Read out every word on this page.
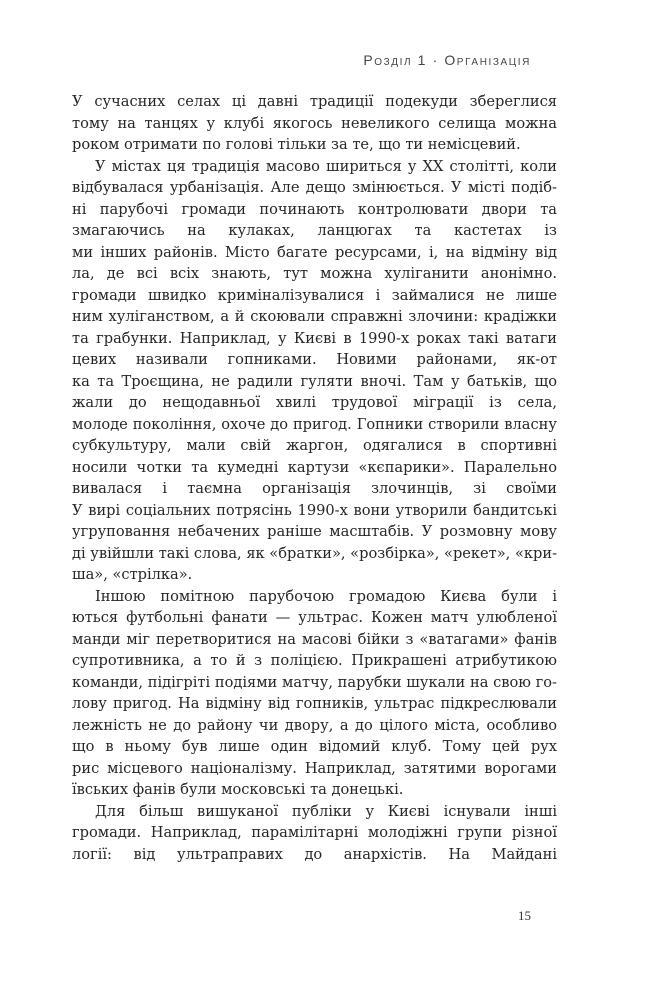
Розділ 1 · Організація
У сучасних селах ці давні традиції подекуди збереглися
тому на танцях у клубі якогось невеликого селища можна
роком отримати по голові тільки за те, що ти немісцевий.
У містах ця традиція масово шириться у XX столітті, коли
відбувалася урбанізація. Але дещо змінюється. У місті подіб-
ні парубочі громади починають контролювати двори та
змагаючись на кулаках, ланцюгах та кастетах із
ми інших районів. Місто багате ресурсами, і, на відміну від
ла, де всі всіх знають, тут можна хуліганити анонімно.
громади швидко криміналізувалися і займалися не лише
ним хуліганством, а й скоювали справжні злочини: крадіжки
та грабунки. Наприклад, у Києві в 1990-х роках такі ватаги
цевих називали гопниками. Новими районами, як-от
ка та Троєщина, не радили гуляти вночі. Там у батьків, що
жали до нещодавньої хвилі трудової міграції із села,
молоде покоління, охоче до пригод. Гопники створили власну
субкультуру, мали свій жаргон, одягалися в спортивні
носили чотки та кумедні картузи «кєпарики». Паралельно
вивалася і таємна організація злочинців, зі своїми
У вирі соціальних потрясінь 1990-х вони утворили бандитські
угруповання небачених раніше масштабів. У розмовну мову
ді увійшли такі слова, як «братки», «розбірка», «рекет», «кри-
ша», «стрілка».
Іншою помітною парубочою громадою Києва були і
ються футбольні фанати — ультрас. Кожен матч улюбленої
манди міг перетворитися на масові бійки з «ватагами» фанів
супротивника, а то й з поліцією. Прикрашені атрибутикою
команди, підігріті подіями матчу, парубки шукали на свою го-
лову пригод. На відміну від гопників, ультрас підкреслювали
лежність не до району чи двору, а до цілого міста, особливо
що в ньому був лише один відомий клуб. Тому цей рух
рис місцевого націоналізму. Наприклад, затятими ворогами
ївських фанів були московські та донецькі.
Для більш вишуканої публіки у Києві існували інші
громади. Наприклад, парамілітарні молодіжні групи різної
логії: від ультраправих до анархістів. На Майдані
15
